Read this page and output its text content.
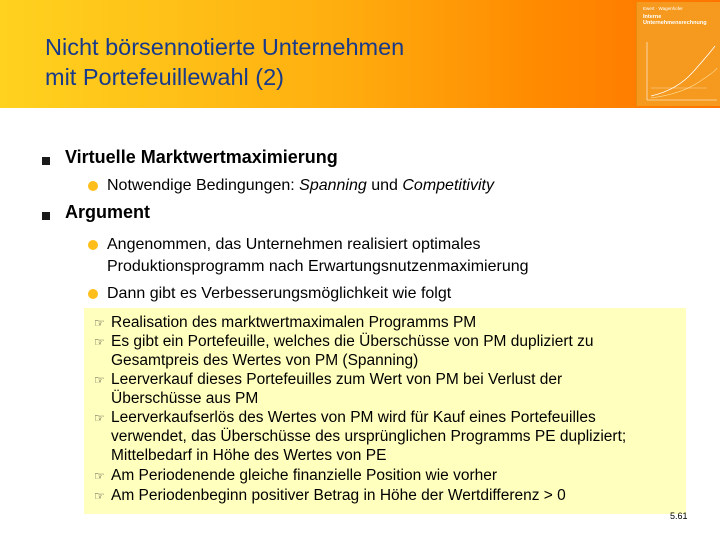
Nicht börsennotierte Unternehmen
mit Portefeuillewahl (2)
Ewert · Wagenhofer
Interne
Unternehmensrechnung
Virtuelle Marktwertmaximierung
Notwendige Bedingungen: Spanning und Competitivity
Argument
Angenommen, das Unternehmen realisiert optimales
Produktionsprogramm nach Erwartungsnutzenmaximierung
Dann gibt es Verbesserungsmöglichkeit wie folgt
☞ Realisation des marktwertmaximalen Programms PM
☞ Es gibt ein Portefeuille, welches die Überschüsse von PM dupliziert zu
Gesamtpreis des Wertes von PM (Spanning)
☞ Leerverkauf dieses Portefeuilles zum Wert von PM bei Verlust der
Überschüsse aus PM
☞ Leerverkaufserlös des Wertes von PM wird für Kauf eines Portefeuilles
verwendet, das Überschüsse des ursprünglichen Programms PE dupliziert;
Mittelbedarf in Höhe des Wertes von PE
☞ Am Periodenende gleiche finanzielle Position wie vorher
☞ Am Periodenbeginn positiver Betrag in Höhe der Wertdifferenz > 0
5.61
